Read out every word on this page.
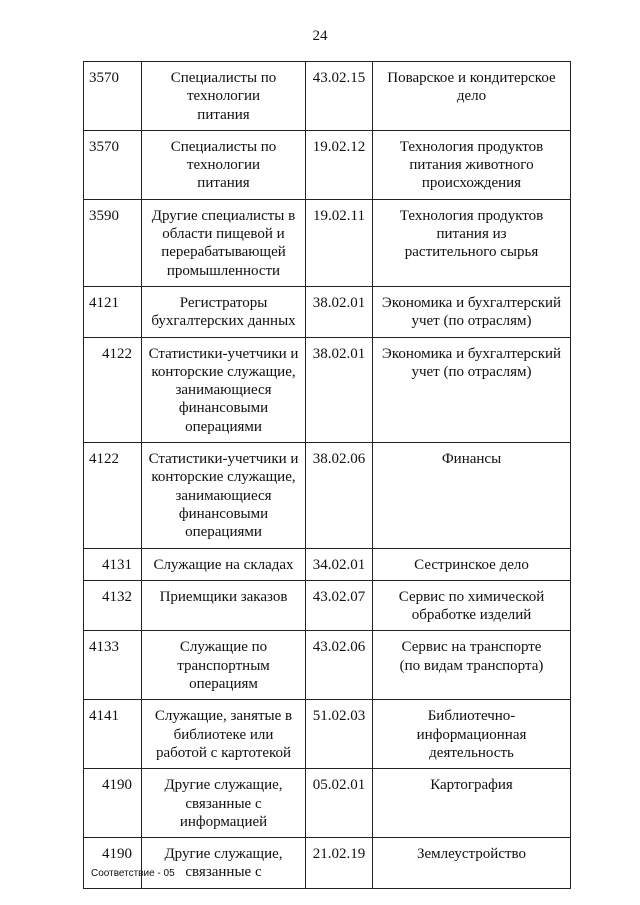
24
3570	Специалисты по технологии питания	43.02.15	Поварское и кондитерское дело
3570	Специалисты по технологии питания	19.02.12	Технология продуктов питания животного происхождения
3590	Другие специалисты в области пищевой и перерабатывающей промышленности	19.02.11	Технология продуктов питания из растительного сырья
4121	Регистраторы бухгалтерских данных	38.02.01	Экономика и бухгалтерский учет (по отраслям)
4122	Статистики-учетчики и конторские служащие, занимающиеся финансовыми операциями	38.02.01	Экономика и бухгалтерский учет (по отраслям)
4122	Статистики-учетчики и конторские служащие, занимающиеся финансовыми операциями	38.02.06	Финансы
4131	Служащие на складах	34.02.01	Сестринское дело
4132	Приемщики заказов	43.02.07	Сервис по химической обработке изделий
4133	Служащие по транспортным операциям	43.02.06	Сервис на транспорте (по видам транспорта)
4141	Служащие, занятые в библиотеке или работой с картотекой	51.02.03	Библиотечно-информационная деятельность
4190	Другие служащие, связанные с информацией	05.02.01	Картография
4190	Другие служащие, связанные с	21.02.19	Землеустройство
Соответствие - 05
